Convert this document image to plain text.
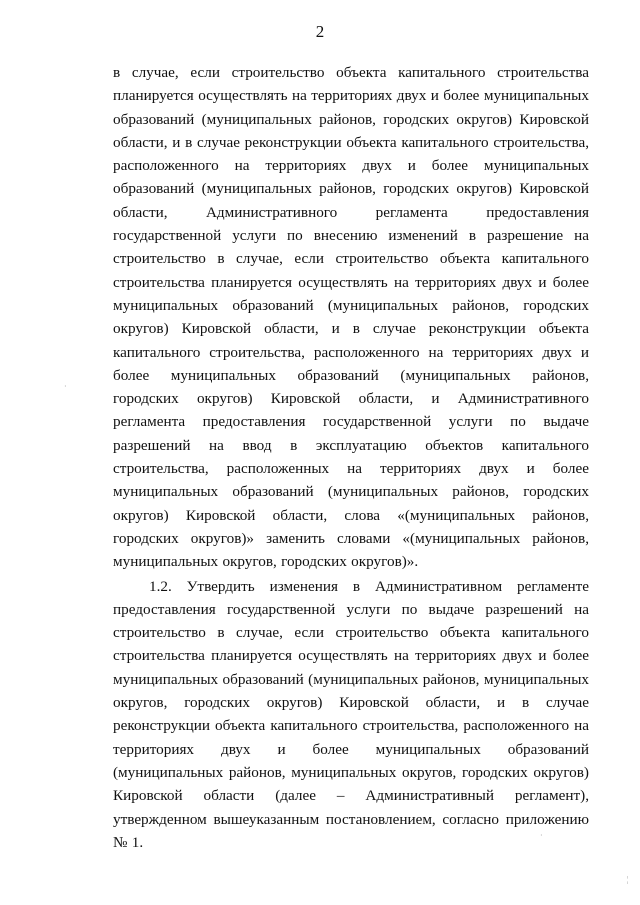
2

в случае, если строительство объекта капитального строительства планируется осуществлять на территориях двух и более муниципальных образований (муниципальных районов, городских округов) Кировской области, и в случае реконструкции объекта капитального строительства, расположенного на территориях двух и более муниципальных образований (муниципальных районов, городских округов) Кировской области, Административного регламента предоставления государственной услуги по внесению изменений в разрешение на строительство в случае, если строительство объекта капитального строительства планируется осуществлять на территориях двух и более муниципальных образований (муниципальных районов, городских округов) Кировской области, и в случае реконструкции объекта капитального строительства, расположенного на территориях двух и более муниципальных образований (муниципальных районов, городских округов) Кировской области, и Административного регламента предоставления государственной услуги по выдаче разрешений на ввод в эксплуатацию объектов капитального строительства, расположенных на территориях двух и более муниципальных образований (муниципальных районов, городских округов) Кировской области, слова «(муниципальных районов, городских округов)» заменить словами «(муниципальных районов, муниципальных округов, городских округов)».

1.2. Утвердить изменения в Административном регламенте предоставления государственной услуги по выдаче разрешений на строительство в случае, если строительство объекта капитального строительства планируется осуществлять на территориях двух и более муниципальных образований (муниципальных районов, муниципальных округов, городских округов) Кировской области, и в случае реконструкции объекта капитального строительства, расположенного на территориях двух и более муниципальных образований (муниципальных районов, муниципальных округов, городских округов) Кировской области (далее – Административный регламент), утвержденном вышеуказанным постановлением, согласно приложению № 1.

·
¦
·
